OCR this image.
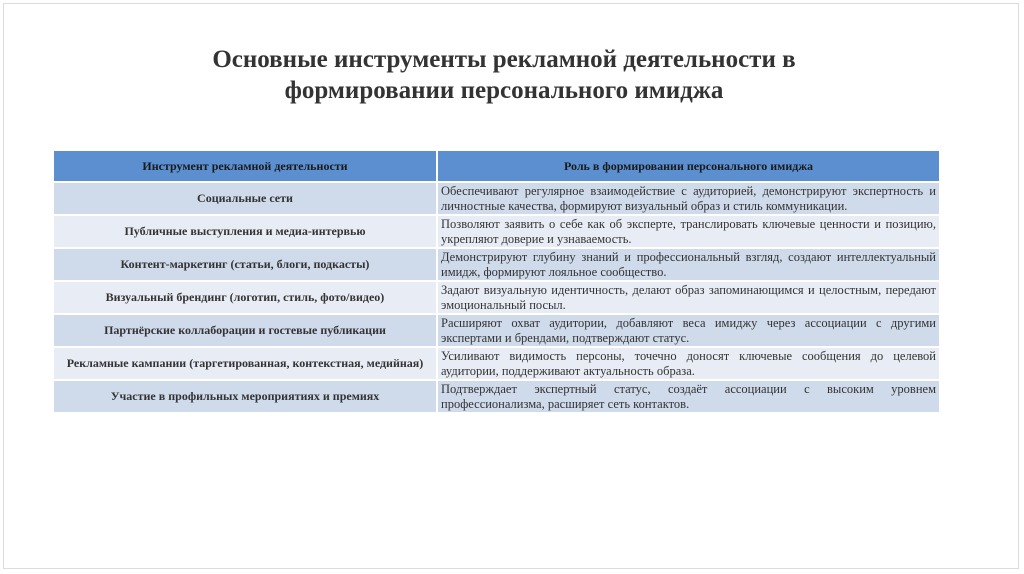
Основные инструменты рекламной деятельности в
формировании персонального имиджа
Инструмент рекламной деятельности	Роль в формировании персонального имиджа
Социальные сети	Обеспечивают регулярное взаимодействие с аудиторией, демонстрируют экспертность и личностные качества, формируют визуальный образ и стиль коммуникации.
Публичные выступления и медиа-интервью	Позволяют заявить о себе как об эксперте, транслировать ключевые ценности и позицию, укрепляют доверие и узнаваемость.
Контент-маркетинг (статьи, блоги, подкасты)	Демонстрируют глубину знаний и профессиональный взгляд, создают интеллектуальный имидж, формируют лояльное сообщество.
Визуальный брендинг (логотип, стиль, фото/видео)	Задают визуальную идентичность, делают образ запоминающимся и целостным, передают эмоциональный посыл.
Партнёрские коллаборации и гостевые публикации	Расширяют охват аудитории, добавляют веса имиджу через ассоциации с другими экспертами и брендами, подтверждают статус.
Рекламные кампании (таргетированная, контекстная, медийная)	Усиливают видимость персоны, точечно доносят ключевые сообщения до целевой аудитории, поддерживают актуальность образа.
Участие в профильных мероприятиях и премиях	Подтверждает экспертный статус, создаёт ассоциации с высоким уровнем профессионализма, расширяет сеть контактов.
